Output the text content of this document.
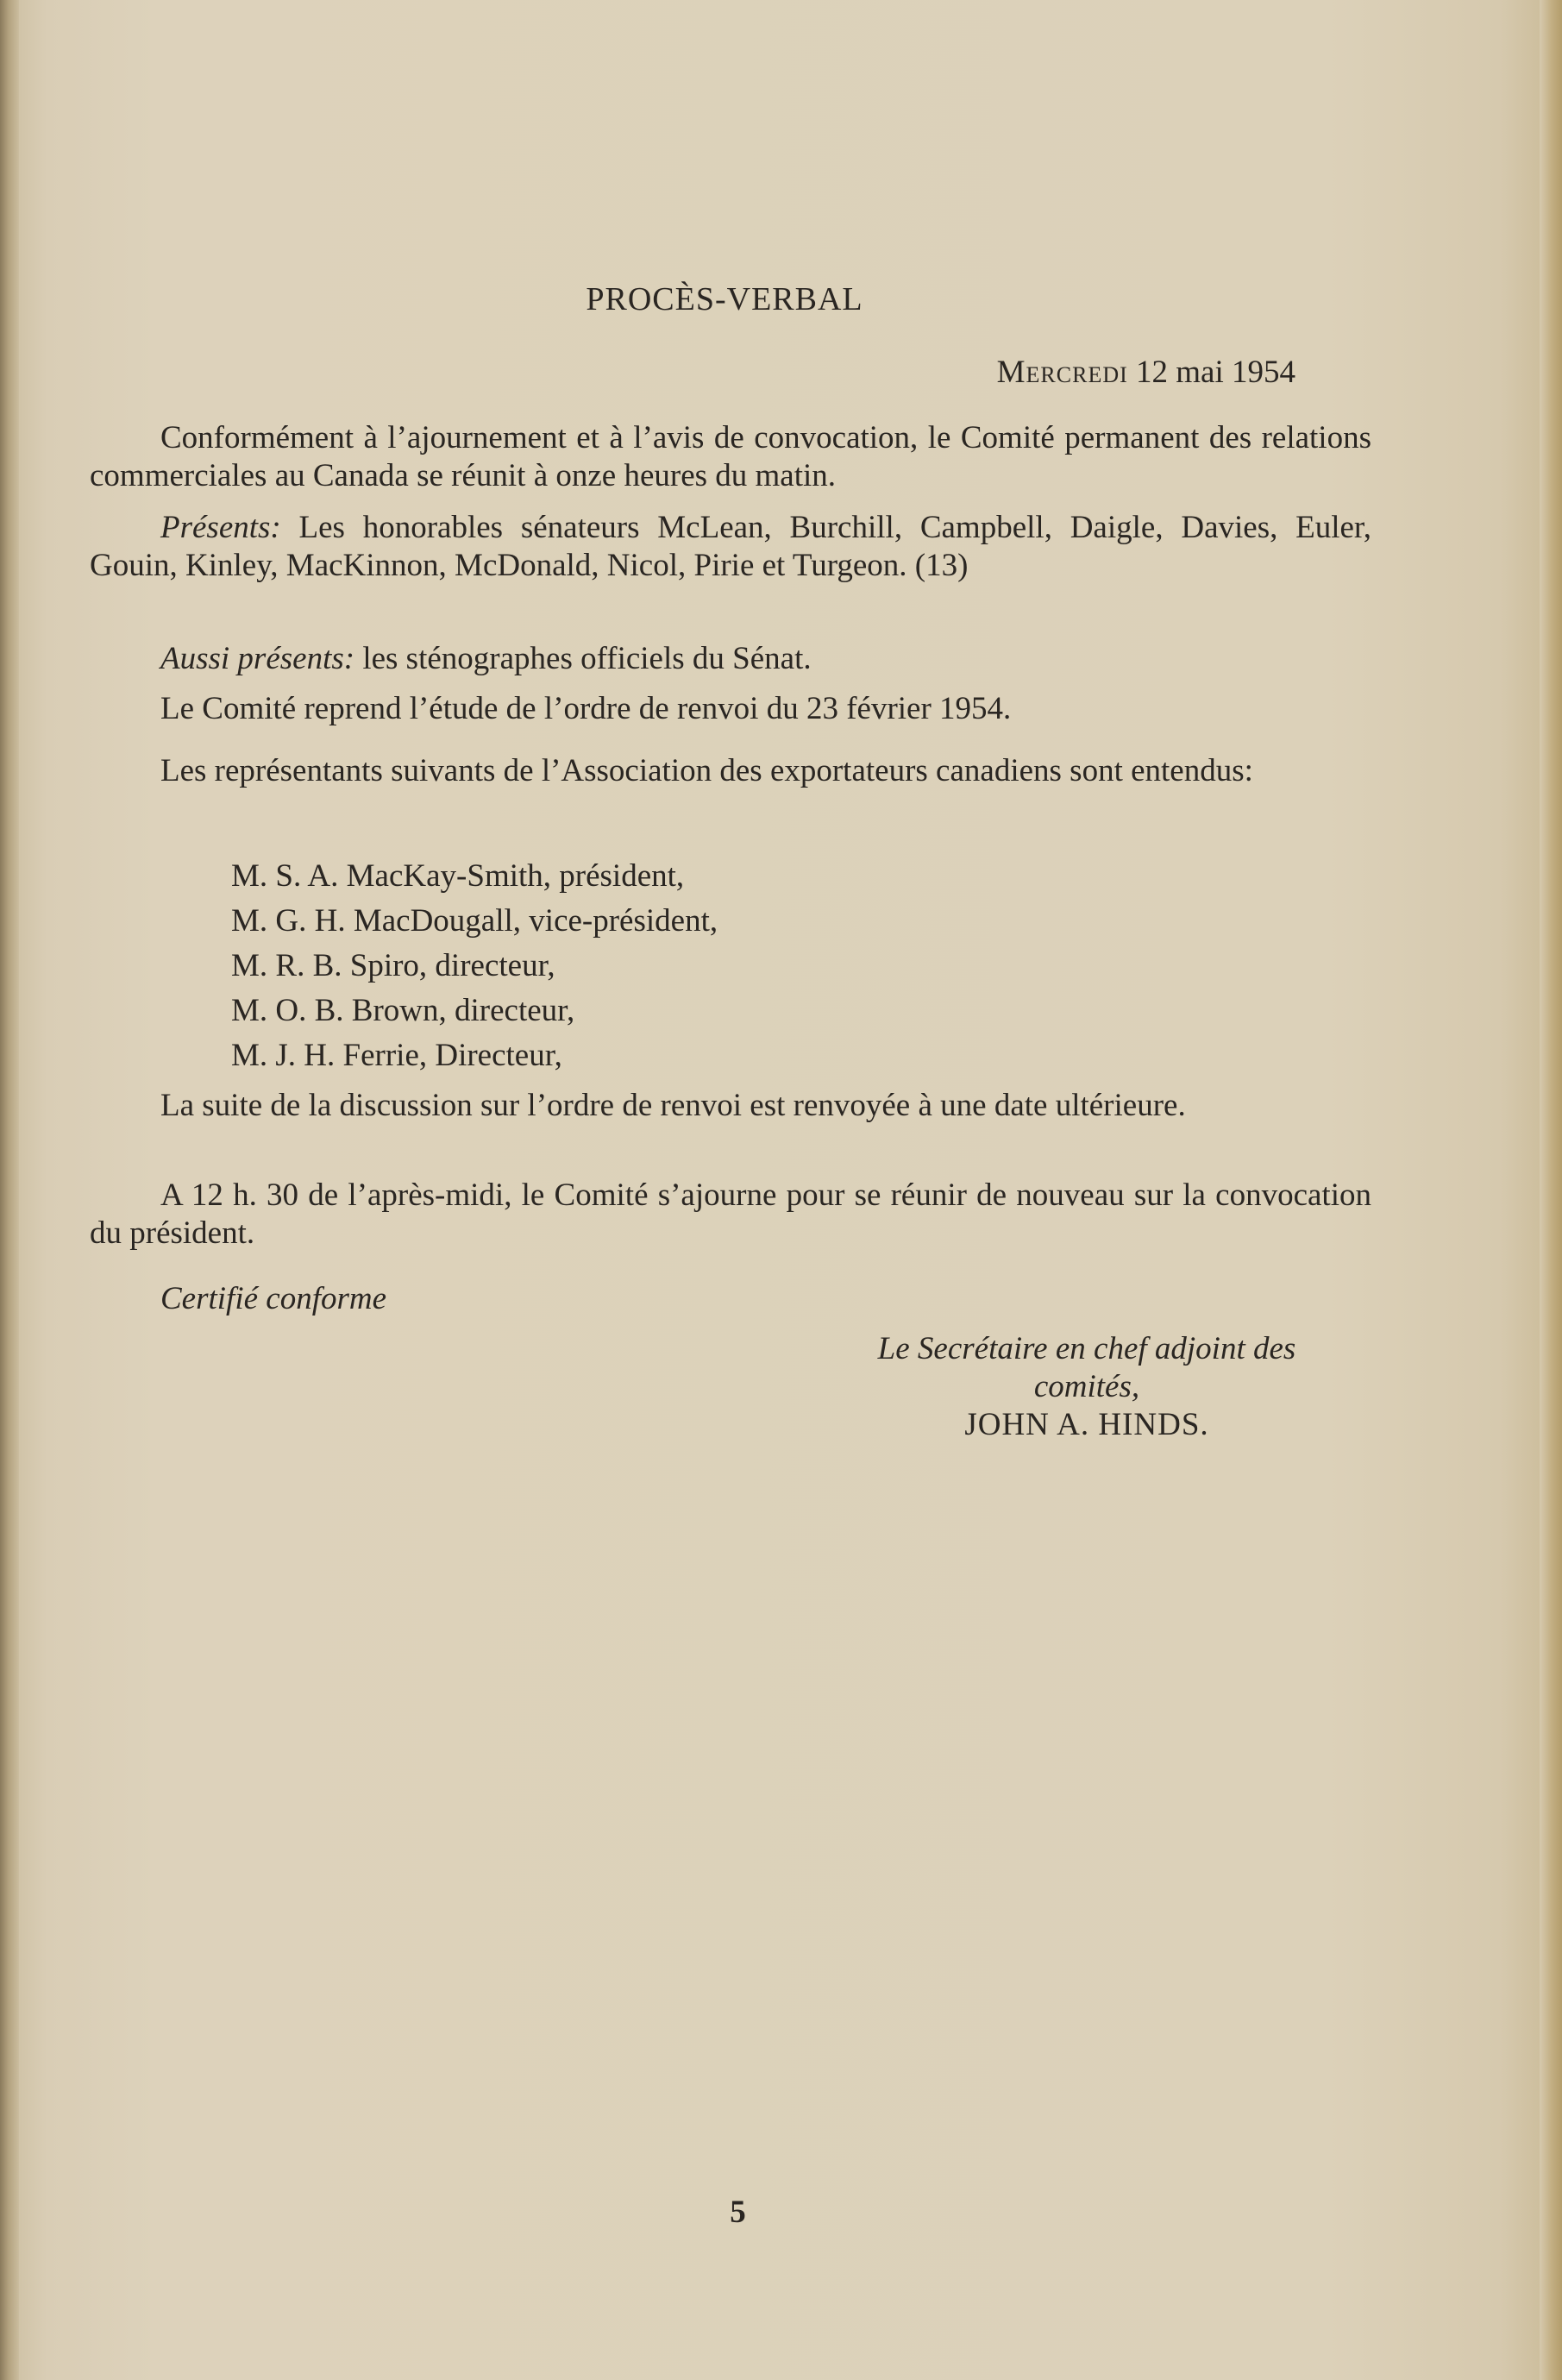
PROCÈS-VERBAL
Mercredi 12 mai 1954

Conformément à l’ajournement et à l’avis de convocation, le Comité permanent des relations commerciales au Canada se réunit à onze heures du matin.

Présents: Les honorables sénateurs McLean, Burchill, Campbell, Daigle, Davies, Euler, Gouin, Kinley, MacKinnon, McDonald, Nicol, Pirie et Turgeon. (13)

Aussi présents: les sténographes officiels du Sénat.

Le Comité reprend l’étude de l’ordre de renvoi du 23 février 1954.

Les représentants suivants de l’Association des exportateurs canadiens sont entendus:

M. S. A. MacKay-Smith, président,
M. G. H. MacDougall, vice-président,
M. R. B. Spiro, directeur,
M. O. B. Brown, directeur,
M. J. H. Ferrie, Directeur,

La suite de la discussion sur l’ordre de renvoi est renvoyée à une date ultérieure.

A 12 h. 30 de l’après-midi, le Comité s’ajourne pour se réunir de nouveau sur la convocation du président.

Certifié conforme
Le Secrétaire en chef adjoint des
comités,
JOHN A. HINDS.
5
